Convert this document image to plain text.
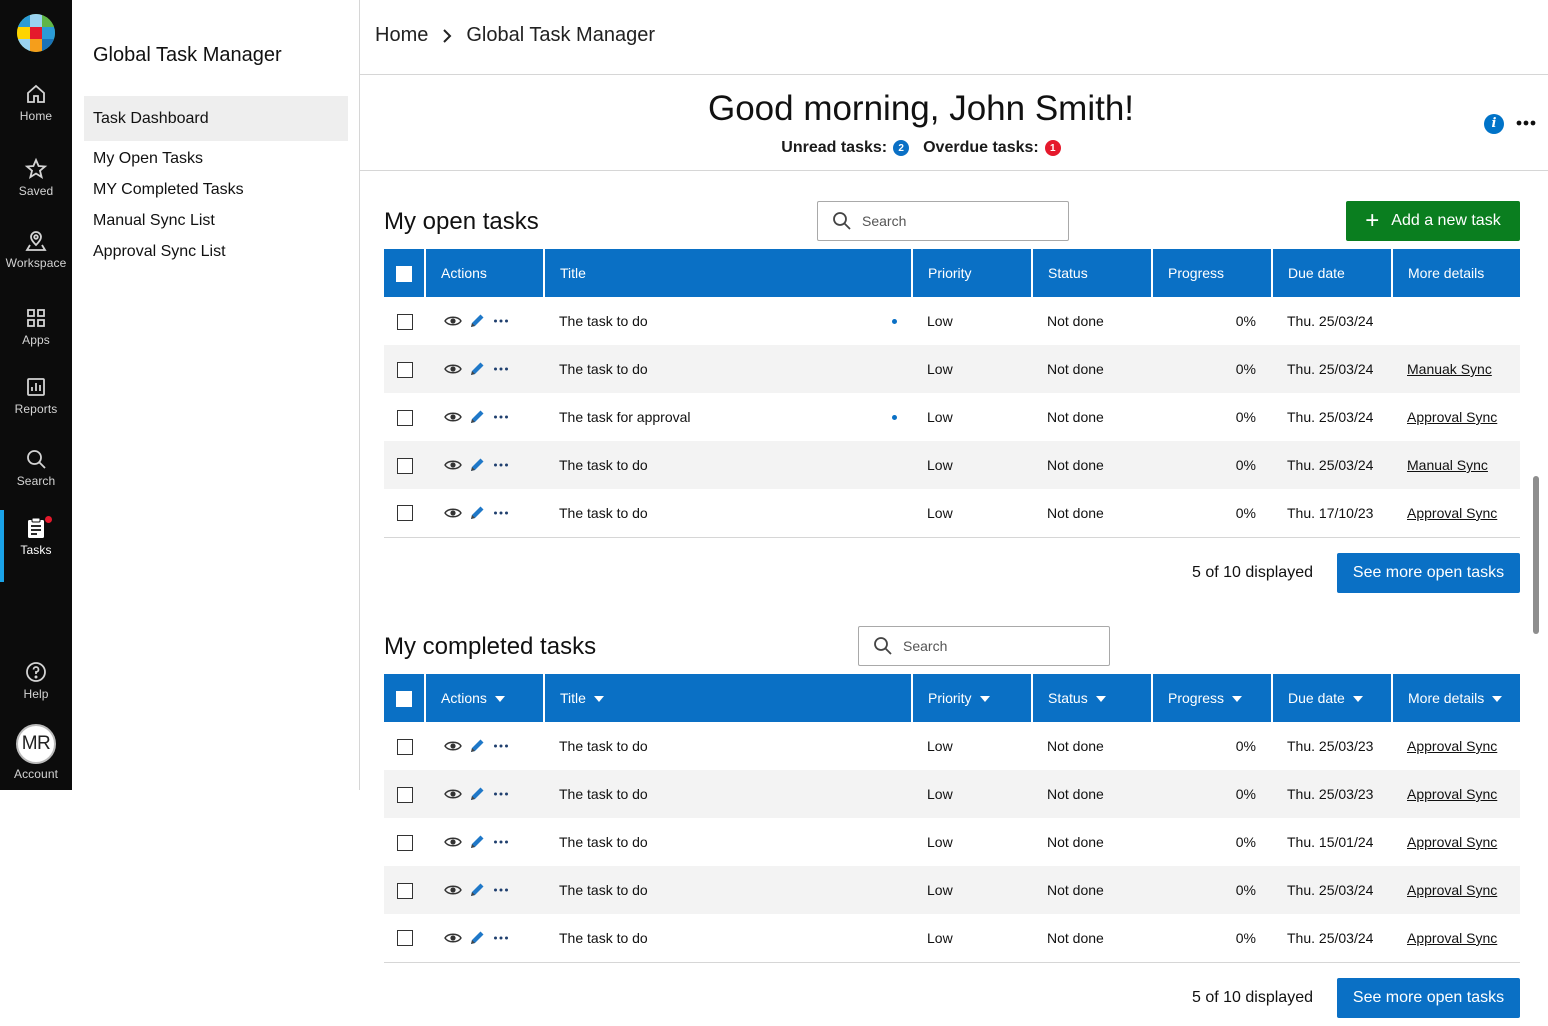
Home
Saved
Workspace
Apps
Reports
Search
Tasks
Help
MR
Account
Global Task Manager
Task Dashboard
My Open Tasks
MY Completed Tasks
Manual Sync List
Approval Sync List
Home Global Task Manager
Good morning, John Smith!
Unread tasks:	2	Overdue tasks:	1
i
My open tasks
Search	+ Add a new task
	Actions	Title	Priority	Status	Progress	Due date	More details

	The task to do	Low	Not done	0%	Thu. 25/03/24	

	The task to do	Low	Not done	0%	Thu. 25/03/24	Manuak Sync

	The task for approval	Low	Not done	0%	Thu. 25/03/24	Approval Sync

	The task to do	Low	Not done	0%	Thu. 25/03/24	Manual Sync

	The task to do	Low	Not done	0%	Thu. 17/10/23	Approval Sync
5 of 10 displayed	See more open tasks
My completed tasks
Search
	Actions	Title	Priority	Status	Progress	Due date	More details

	The task to do	Low	Not done	0%	Thu. 25/03/23	Approval Sync

	The task to do	Low	Not done	0%	Thu. 25/03/23	Approval Sync

	The task to do	Low	Not done	0%	Thu. 15/01/24	Approval Sync

	The task to do	Low	Not done	0%	Thu. 25/03/24	Approval Sync

	The task to do	Low	Not done	0%	Thu. 25/03/24	Approval Sync
5 of 10 displayed	See more open tasks
